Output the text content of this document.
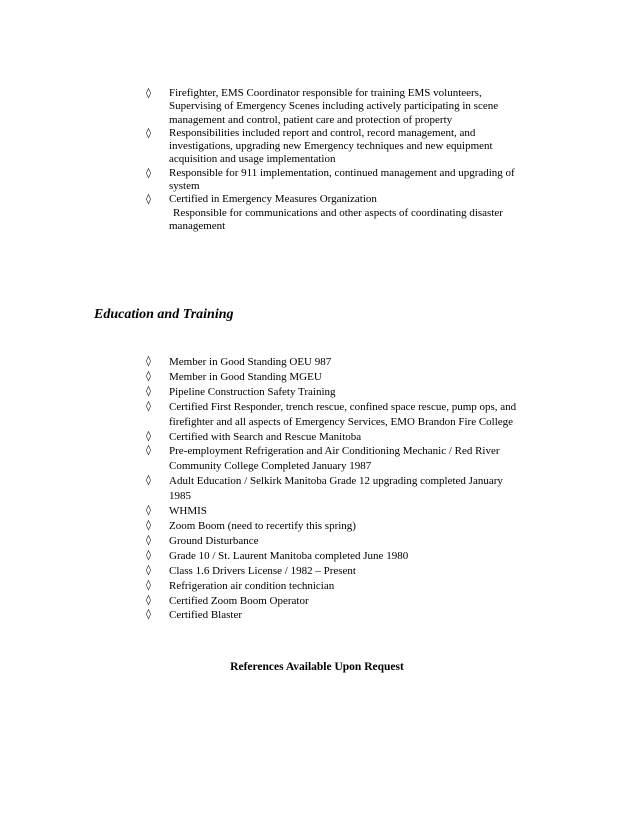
◊ Firefighter, EMS Coordinator responsible for training EMS volunteers, Supervising of Emergency Scenes including actively participating in scene management and control, patient care and protection of property
◊ Responsibilities included report and control, record management, and investigations, upgrading new Emergency techniques and new equipment acquisition and usage implementation
◊ Responsible for 911 implementation, continued management and upgrading of system
◊ Certified in Emergency Measures Organization
Responsible for communications and other aspects of coordinating disaster management
Education and Training
◊ Member in Good Standing OEU 987
◊ Member in Good Standing MGEU
◊ Pipeline Construction Safety Training
◊ Certified First Responder, trench rescue, confined space rescue, pump ops, and firefighter and all aspects of Emergency Services, EMO Brandon Fire College
◊ Certified with Search and Rescue Manitoba
◊ Pre-employment Refrigeration and Air Conditioning Mechanic / Red River Community College Completed January 1987
◊ Adult Education / Selkirk Manitoba Grade 12 upgrading completed January 1985
◊ WHMIS
◊ Zoom Boom (need to recertify this spring)
◊ Ground Disturbance
◊ Grade 10 / St. Laurent Manitoba completed June 1980
◊ Class 1.6 Drivers License / 1982 – Present
◊ Refrigeration air condition technician
◊ Certified Zoom Boom Operator
◊ Certified Blaster
References Available Upon Request
